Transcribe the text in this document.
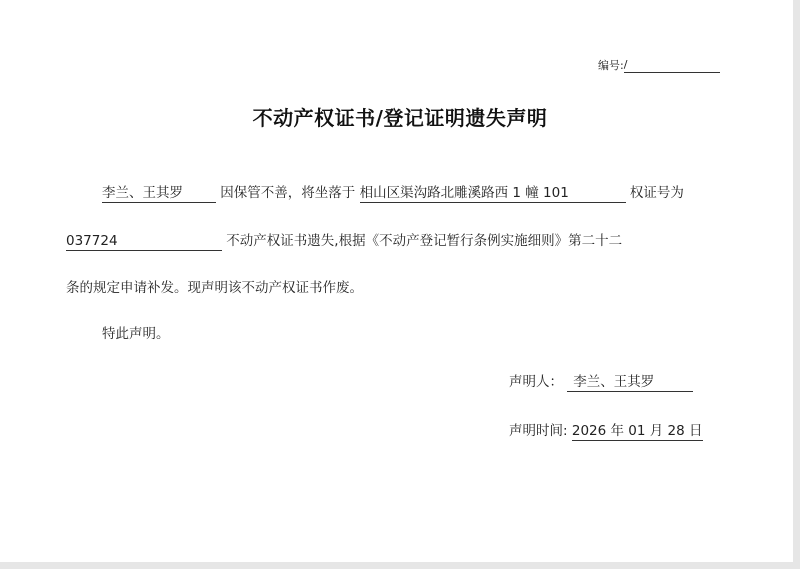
编号: /
不动产权证书/登记证明遗失声明
李兰、王其罗	因保管不善，将坐落于 相山区渠沟路北雕溪路西 1 幢 101	权证号为
037724	不动产权证书遗失,根据《不动产登记暂行条例实施细则》第二十二
条的规定申请补发。现声明该不动产权证书作废。
特此声明。
声明人： 李兰、王其罗
声明时间: 2026 年 01 月 28 日
